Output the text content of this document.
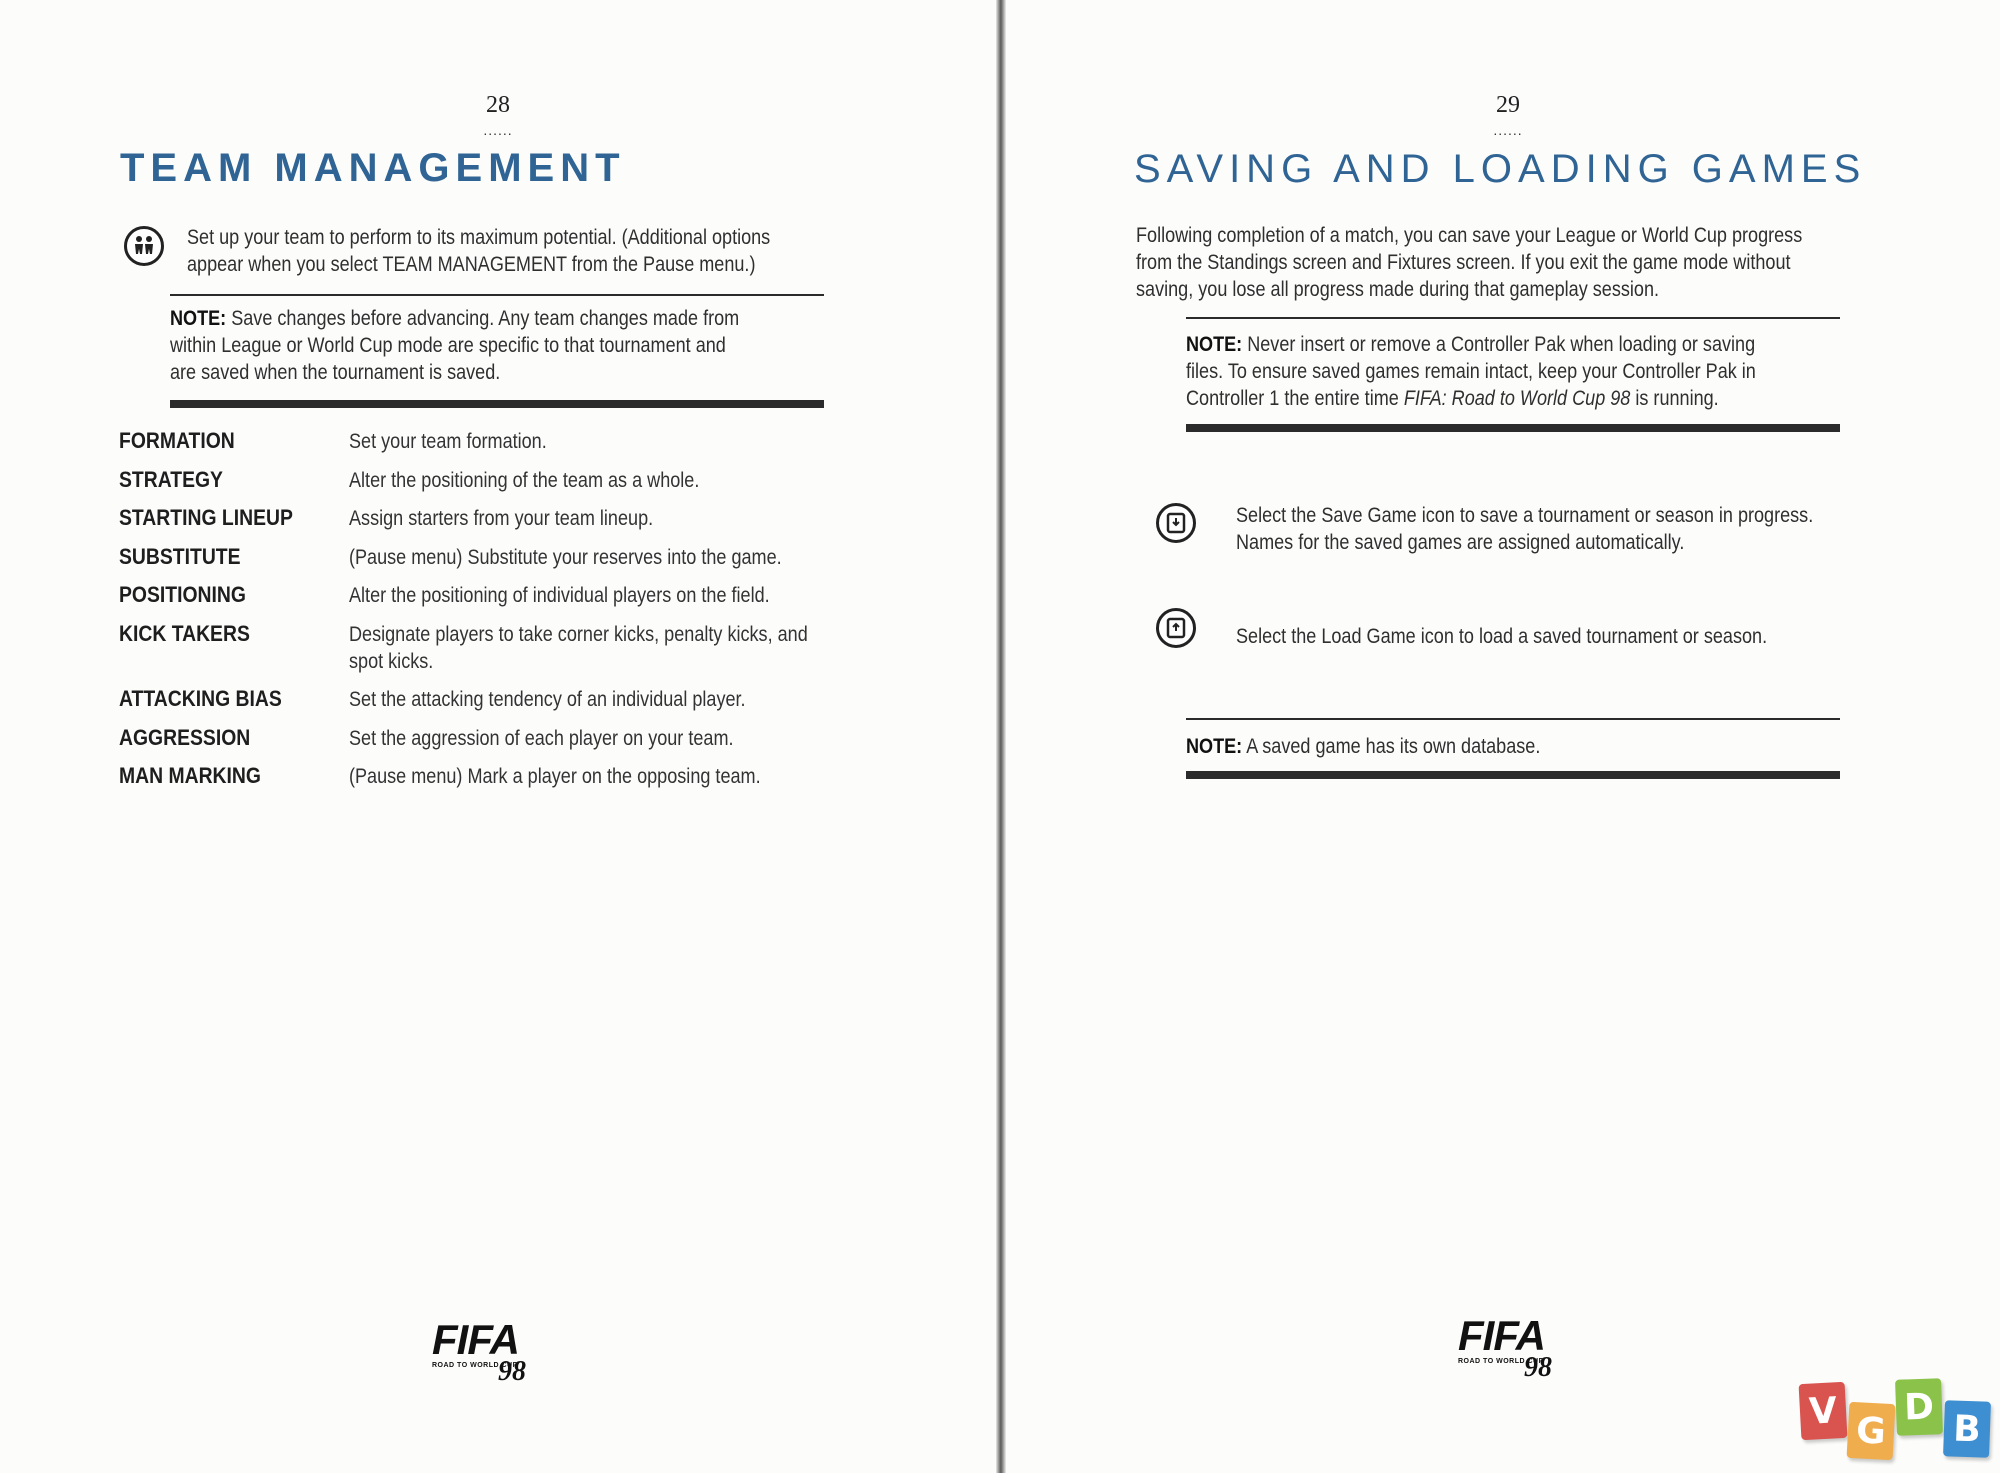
28
......
TEAM MANAGEMENT
Set up your team to perform to its maximum potential. (Additional options
appear when you select TEAM MANAGEMENT from the Pause menu.)
NOTE: Save changes before advancing. Any team changes made from
within League or World Cup mode are specific to that tournament and
are saved when the tournament is saved.
FORMATION	Set your team formation.
STRATEGY	Alter the positioning of the team as a whole.
STARTING LINEUP	Assign starters from your team lineup.
SUBSTITUTE	(Pause menu) Substitute your reserves into the game.
POSITIONING	Alter the positioning of individual players on the field.
KICK TAKERS	Designate players to take corner kicks, penalty kicks, and
spot kicks.
ATTACKING BIAS	Set the attacking tendency of an individual player.
AGGRESSION	Set the aggression of each player on your team.
MAN MARKING	(Pause menu) Mark a player on the opposing team.
FIFA
ROAD TO WORLD CUP
98
29
......
SAVING AND LOADING GAMES
Following completion of a match, you can save your League or World Cup progress
from the Standings screen and Fixtures screen. If you exit the game mode without
saving, you lose all progress made during that gameplay session.
NOTE: Never insert or remove a Controller Pak when loading or saving
files. To ensure saved games remain intact, keep your Controller Pak in
Controller 1 the entire time FIFA: Road to World Cup 98 is running.
Select the Save Game icon to save a tournament or season in progress.
Names for the saved games are assigned automatically.
Select the Load Game icon to load a saved tournament or season.
NOTE: A saved game has its own database.
FIFA
ROAD TO WORLD CUP
98
V G
D
B
